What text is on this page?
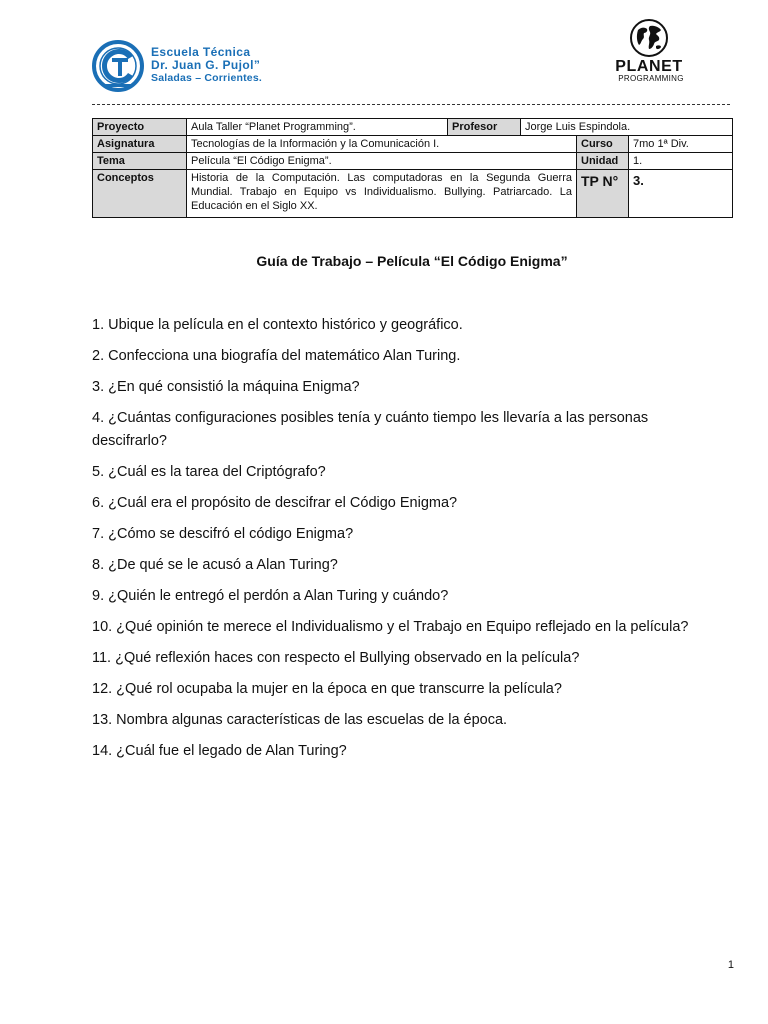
Escuela Técnica
Dr. Juan G. Pujol”
Saladas – Corrientes.
PLANET
PROGRAMMING
Proyecto	Aula Taller “Planet Programming”.	Profesor	Jorge Luis Espindola.		
Asignatura	Tecnologías de la Información y la Comunicación I.			Curso	7mo 1ª Div.
Tema	Película “El Código Enigma”.			Unidad	1.
Conceptos	Historia de la Computación. Las computadoras en la Segunda Guerra Mundial. Trabajo en Equipo vs Individualismo. Bullying. Patriarcado. La Educación en el Siglo XX.			TP N°	3.
Guía de Trabajo – Película “El Código Enigma”

1. Ubique la película en el contexto histórico y geográfico.

2. Confecciona una biografía del matemático Alan Turing.

3. ¿En qué consistió la máquina Enigma?

4. ¿Cuántas configuraciones posibles tenía y cuánto tiempo les llevaría a las personas descifrarlo?

5. ¿Cuál es la tarea del Criptógrafo?

6. ¿Cuál era el propósito de descifrar el Código Enigma?

7. ¿Cómo se descifró el código Enigma?

8. ¿De qué se le acusó a Alan Turing?

9. ¿Quién le entregó el perdón a Alan Turing y cuándo?

10. ¿Qué opinión te merece el Individualismo y el Trabajo en Equipo reflejado en la película?

11. ¿Qué reflexión haces con respecto el Bullying observado en la película?

12. ¿Qué rol ocupaba la mujer en la época en que transcurre la película?

13. Nombra algunas características de las escuelas de la época.

14. ¿Cuál fue el legado de Alan Turing?

1
